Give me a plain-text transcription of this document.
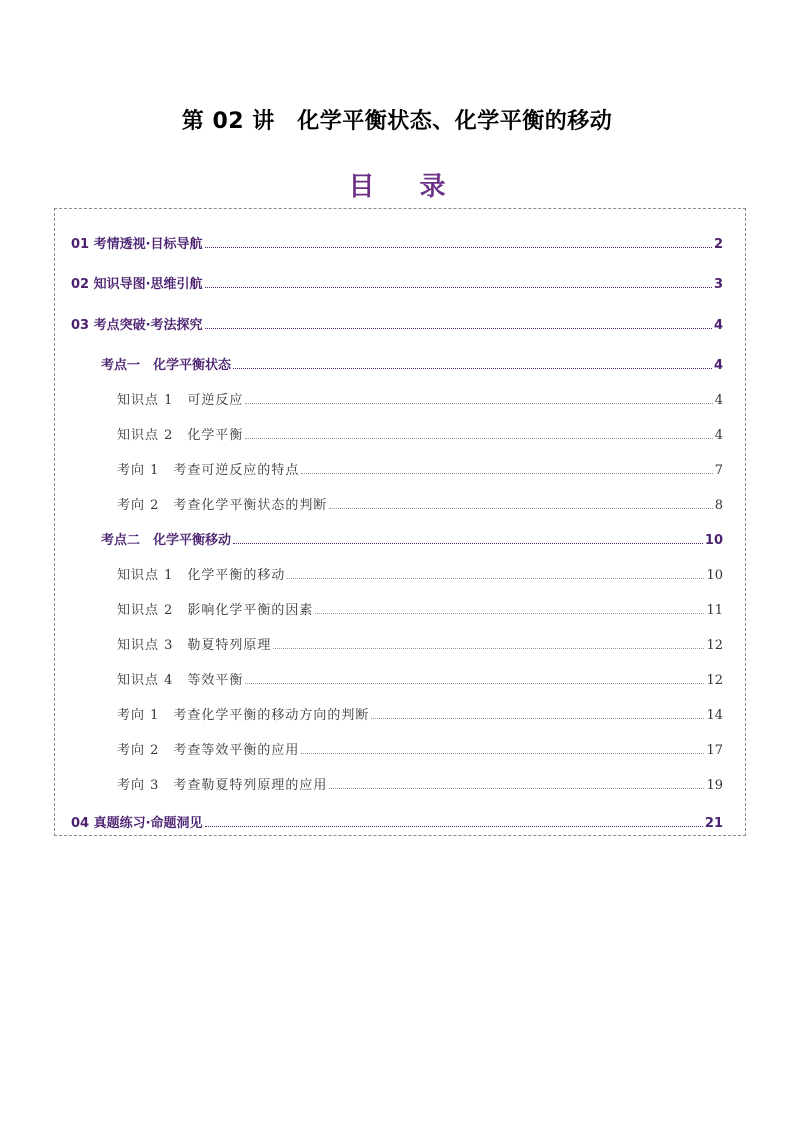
第 02 讲　化学平衡状态、化学平衡的移动
目 录
01 考情透视·目标导航	2
02 知识导图·思维引航	3
03 考点突破·考法探究	4
考点一　化学平衡状态	4
知识点 1　可逆反应	4
知识点 2　化学平衡	4
考向 1　考查可逆反应的特点	7
考向 2　考查化学平衡状态的判断	8
考点二　化学平衡移动	10
知识点 1　化学平衡的移动	10
知识点 2　影响化学平衡的因素	11
知识点 3　勒夏特列原理	12
知识点 4　等效平衡	12
考向 1　考查化学平衡的移动方向的判断	14
考向 2　考查等效平衡的应用	17
考向 3　考查勒夏特列原理的应用	19
04 真题练习·命题洞见	21
